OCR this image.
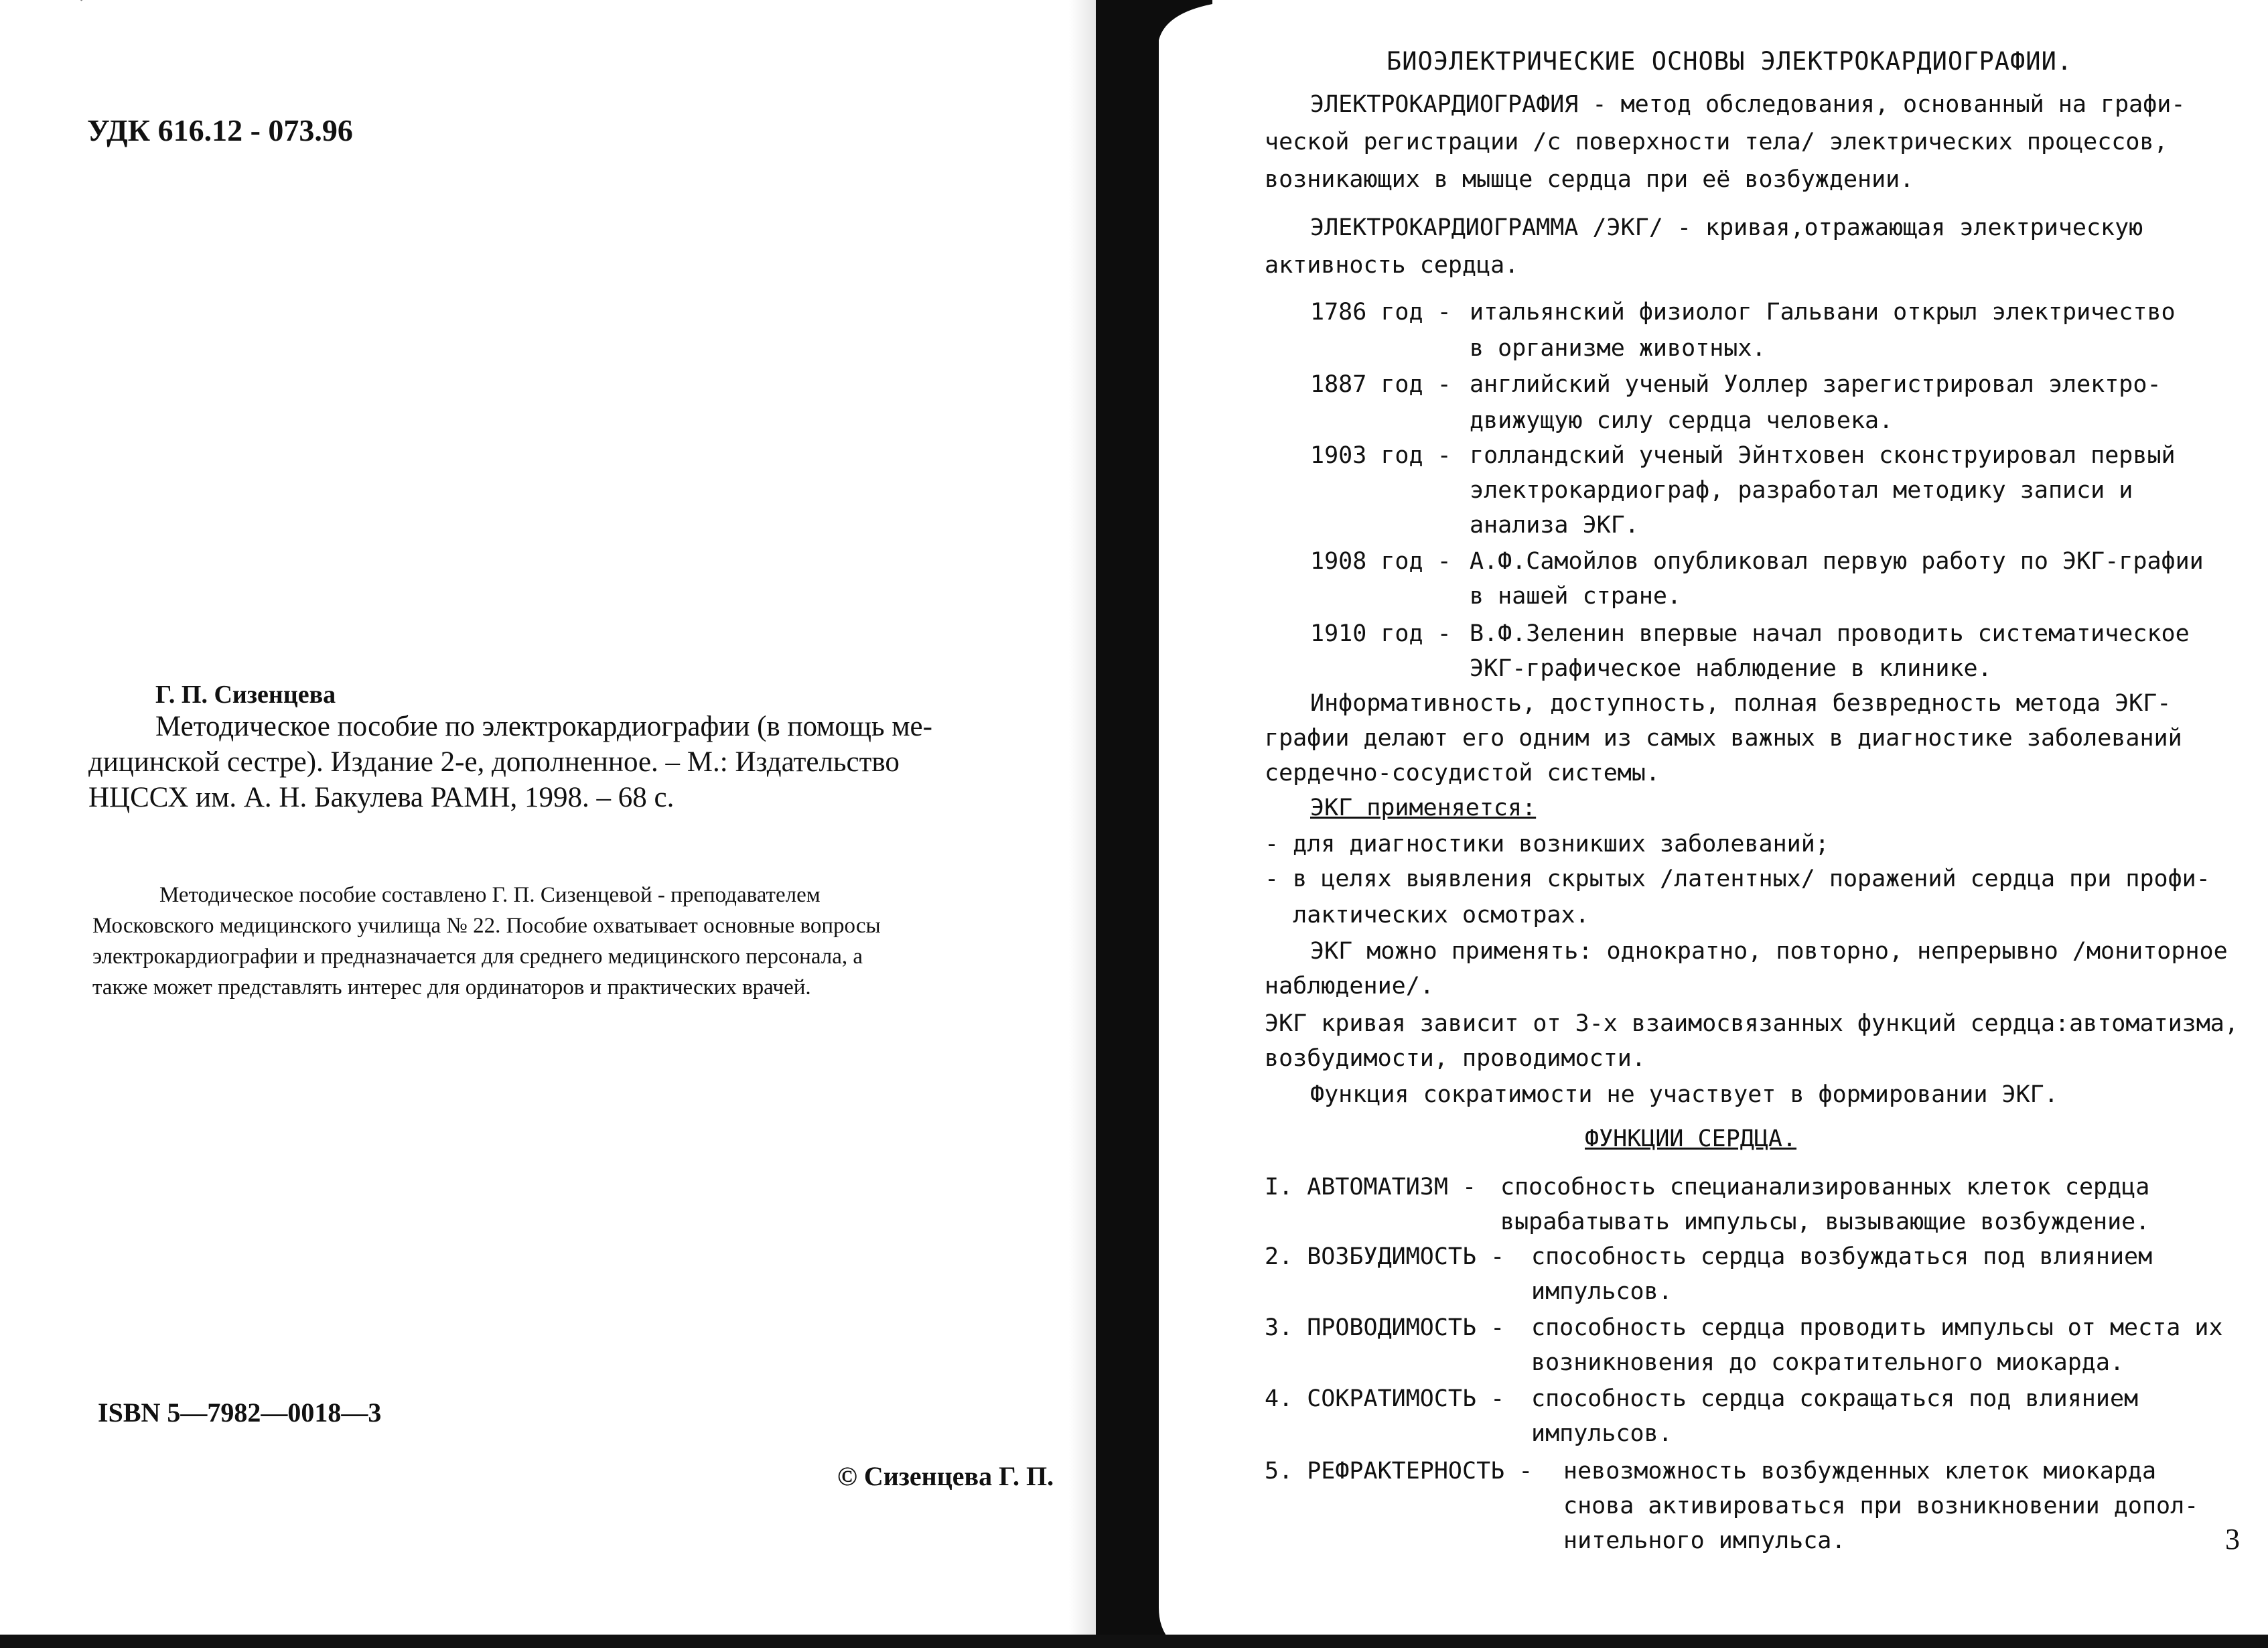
УДК 616.12 - 073.96
Г. П. Сизенцева
Методическое пособие по электрокардиографии (в помощь ме-
дицинской сестре). Издание 2-е, дополненное. – М.: Издательство
НЦССХ им. А. Н. Бакулева РАМН, 1998. – 68 с.
Методическое пособие составлено Г. П. Сизенцевой - преподавателем
Московского медицинского училища № 22. Пособие охватывает основные вопросы
электрокардиографии и предназначается для среднего медицинского персонала, а
также может представлять интерес для ординаторов и практических врачей.
ISBN 5—7982—0018—3
© Сизенцева Г. П.
БИОЭЛЕКТРИЧЕСКИЕ ОСНОВЫ ЭЛЕКТРОКАРДИОГРАФИИ.
ЭЛЕКТРОКАРДИОГРАФИЯ - метод обследования, основанный на графи-
ческой регистрации /с поверхности тела/ электрических процессов,
возникающих в мышце сердца при её возбуждении.
ЭЛЕКТРОКАРДИОГРАММА /ЭКГ/ - кривая,отражающая электрическую
активность сердца.
1786 год - итальянский физиолог Гальвани открыл электричество
в организме животных.
1887 год - английский ученый Уоллер зарегистрировал электро-
движущую силу сердца человека.
1903 год - голландский ученый Эйнтховен сконструировал первый
электрокардиограф, разработал методику записи и
анализа ЭКГ.
1908 год - А.Ф.Самойлов опубликовал первую работу по ЭКГ-графии
в нашей стране.
1910 год - В.Ф.Зеленин впервые начал проводить систематическое
ЭКГ-графическое наблюдение в клинике.
Информативность, доступность, полная безвредность метода ЭКГ-
графии делают его одним из самых важных в диагностике заболеваний
сердечно-сосудистой системы.
ЭКГ применяется:
- для диагностики возникших заболеваний;
- в целях выявления скрытых /латентных/ поражений сердца при профи-
лактических осмотрах.
ЭКГ можно применять: однократно, повторно, непрерывно /мониторное
наблюдение/.
ЭКГ кривая зависит от 3-х взаимосвязанных функций сердца:автоматизма,
возбудимости, проводимости.
Функция сократимости не участвует в формировании ЭКГ.
ФУНКЦИИ СЕРДЦА.
I. АВТОМАТИЗМ - способность специанализированных клеток сердца
вырабатывать импульсы, вызывающие возбуждение.
2. ВОЗБУДИМОСТЬ - способность сердца возбуждаться под влиянием
импульсов.
3. ПРОВОДИМОСТЬ - способность сердца проводить импульсы от места их
возникновения до сократительного миокарда.
4. СОКРАТИМОСТЬ - способность сердца сокращаться под влиянием
импульсов.
5. РЕФРАКТЕРНОСТЬ - невозможность возбужденных клеток миокарда
снова активироваться при возникновении допол-
нительного импульса.	3
